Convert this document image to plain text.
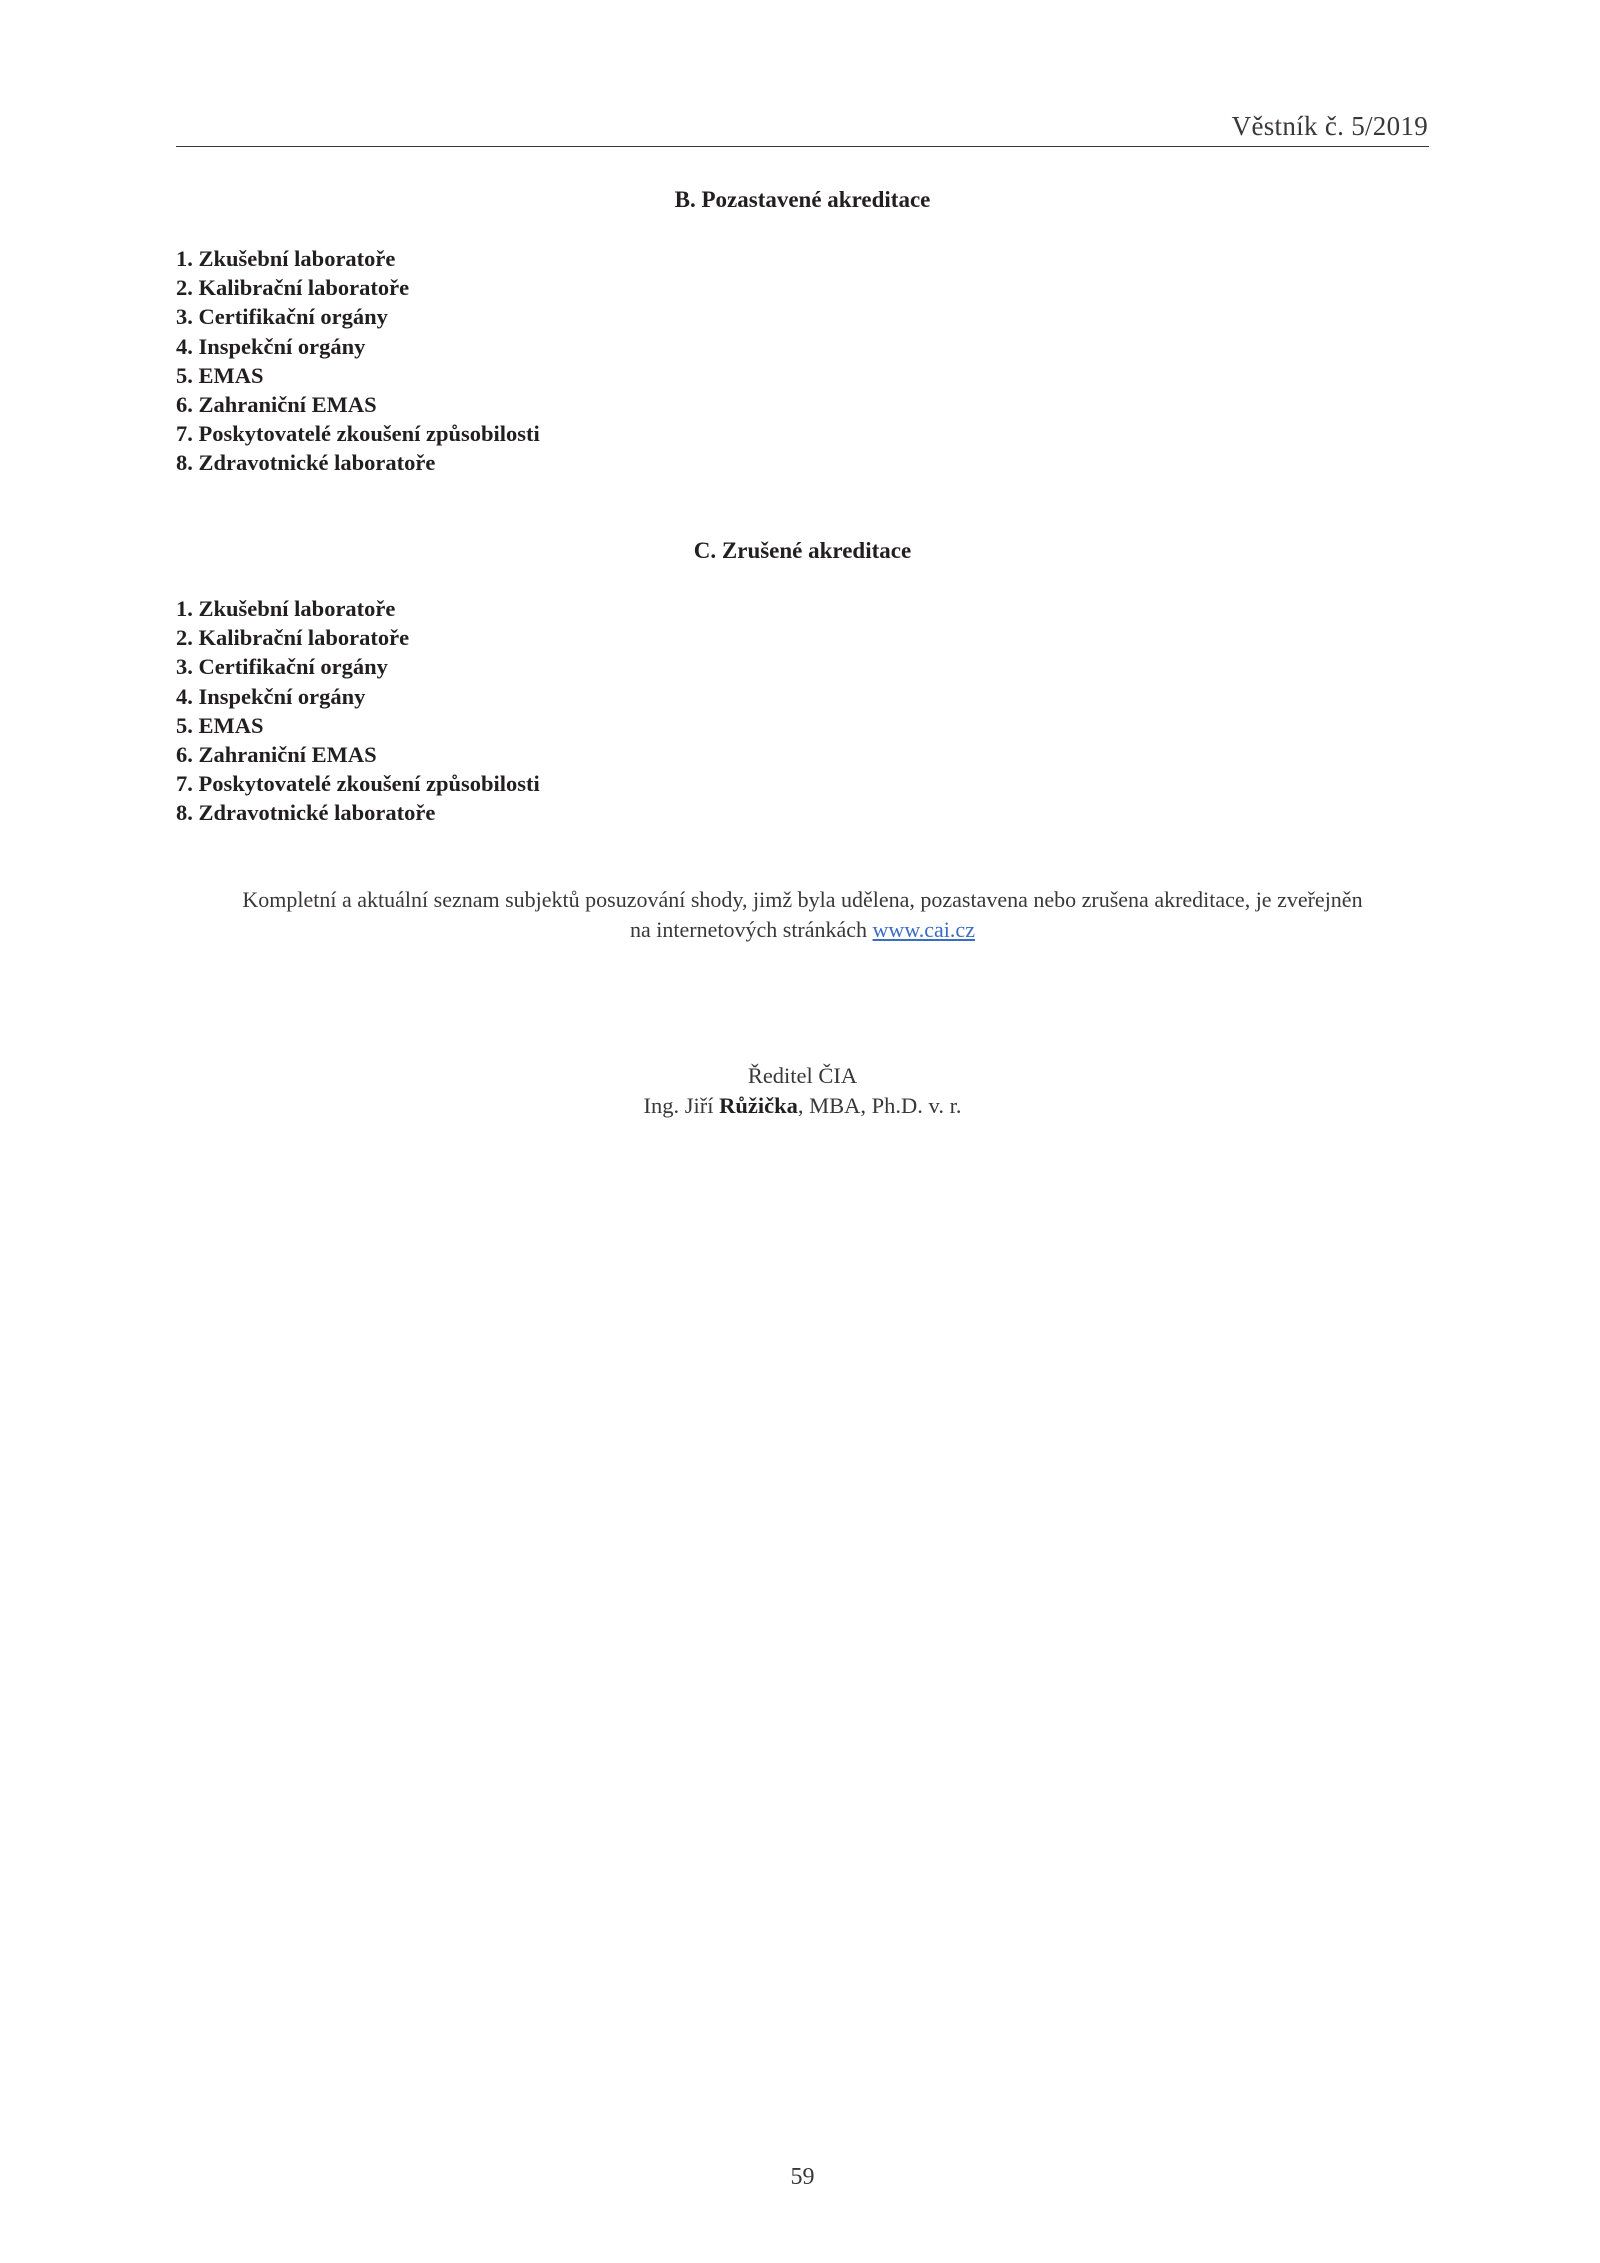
Věstník č. 5/2019
B. Pozastavené akreditace
1. Zkušební laboratoře
2. Kalibrační laboratoře
3. Certifikační orgány
4. Inspekční orgány
5. EMAS
6. Zahraniční EMAS
7. Poskytovatelé zkoušení způsobilosti
8. Zdravotnické laboratoře
C. Zrušené akreditace
1. Zkušební laboratoře
2. Kalibrační laboratoře
3. Certifikační orgány
4. Inspekční orgány
5. EMAS
6. Zahraniční EMAS
7. Poskytovatelé zkoušení způsobilosti
8. Zdravotnické laboratoře
Kompletní a aktuální seznam subjektů posuzování shody, jimž byla udělena, pozastavena nebo zrušena akreditace, je zveřejněn
na internetových stránkách www.cai.cz
Ředitel ČIA
Ing. Jiří Růžička, MBA, Ph.D. v. r.
59
